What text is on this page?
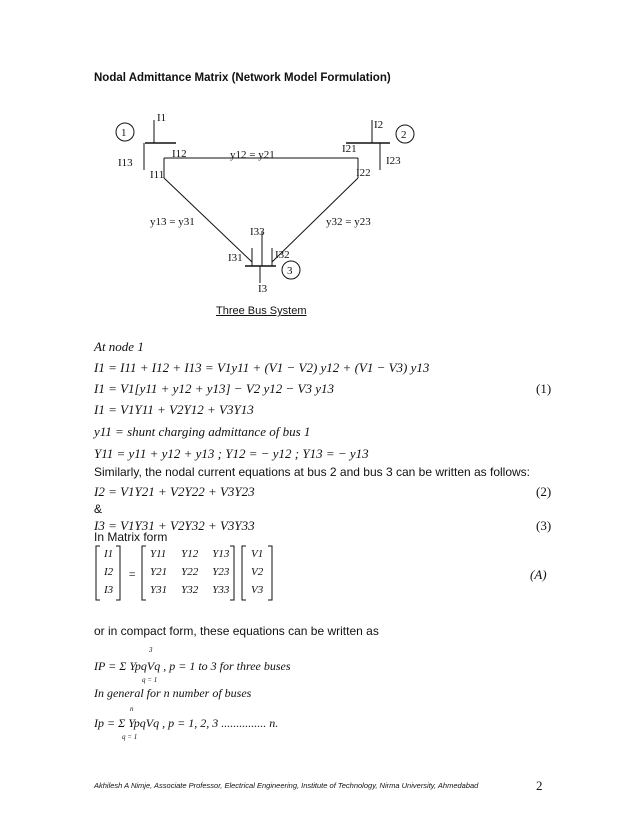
Nodal Admittance Matrix (Network Model Formulation)
1	2
3
I1
I12
I13
I11
I2
I21
I23
I22
y12 = y21
y13 = y31	y32 = y23
I33
I31	I32
I3
Three Bus System
At node 1
I1 = I11 + I12 + I13 = V1y11 + (V1 − V2) y12 + (V1 − V3) y13
I1 = V1[y11 + y12 + y13] − V2 y12 − V3 y13	(1)
I1 = V1Y11 + V2Y12 + V3Y13
y11 = shunt charging admittance of bus 1
Y11 = y11 + y12 + y13 ; Y12 = − y12 ; Y13 = − y13
Similarly, the nodal current equations at bus 2 and bus 3 can be written as follows:
I2 = V1Y21 + V2Y22 + V3Y23	(2)
&
I3 = V1Y31 + V2Y32 + V3Y33	(3)
In Matrix form
I1
I2
I3
=
Y11	Y12	Y13
Y21	Y22	Y23
Y31	Y32	Y33
V1
V2
V3
(A)
or in compact form, these equations can be written as
3
IP = Σ YpqVq , p = 1 to 3 for three buses
q = 1
In general for n number of buses
n
Ip = Σ YpqVq , p = 1, 2, 3 ............... n.
q = 1
Akhilesh A Nimje, Associate Professor, Electrical Engineering, Institute of Technology, Nirma University, Ahmedabad	2
